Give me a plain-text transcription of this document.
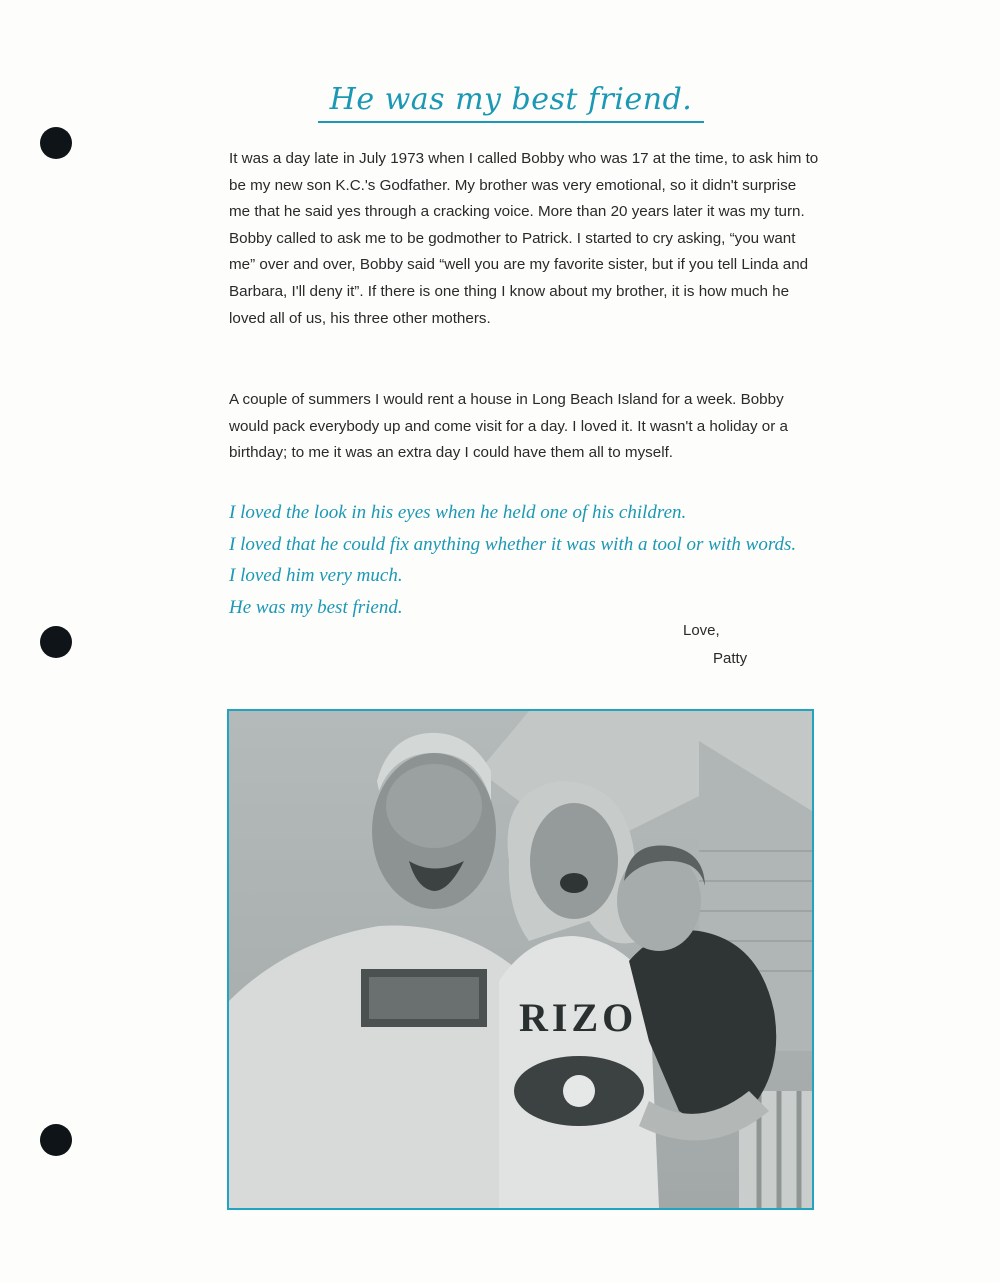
He was my best friend.

It was a day late in July 1973 when I called Bobby who was 17 at the time, to ask him to be my new son K.C.'s Godfather. My brother was very emotional, so it didn't surprise me that he said yes through a cracking voice. More than 20 years later it was my turn. Bobby called to ask me to be godmother to Patrick. I started to cry asking, “you want me” over and over, Bobby said “well you are my favorite sister, but if you tell Linda and Barbara, I'll deny it”. If there is one thing I know about my brother, it is how much he loved all of us, his three other mothers.

A couple of summers I would rent a house in Long Beach Island for a week. Bobby would pack everybody up and come visit for a day. I loved it. It wasn't a holiday or a birthday; to me it was an extra day I could have them all to myself.

I loved the look in his eyes when he held one of his children.
I loved that he could fix anything whether it was with a tool or with words.
I loved him very much.
He was my best friend.
Love,
Patty
RIZO
